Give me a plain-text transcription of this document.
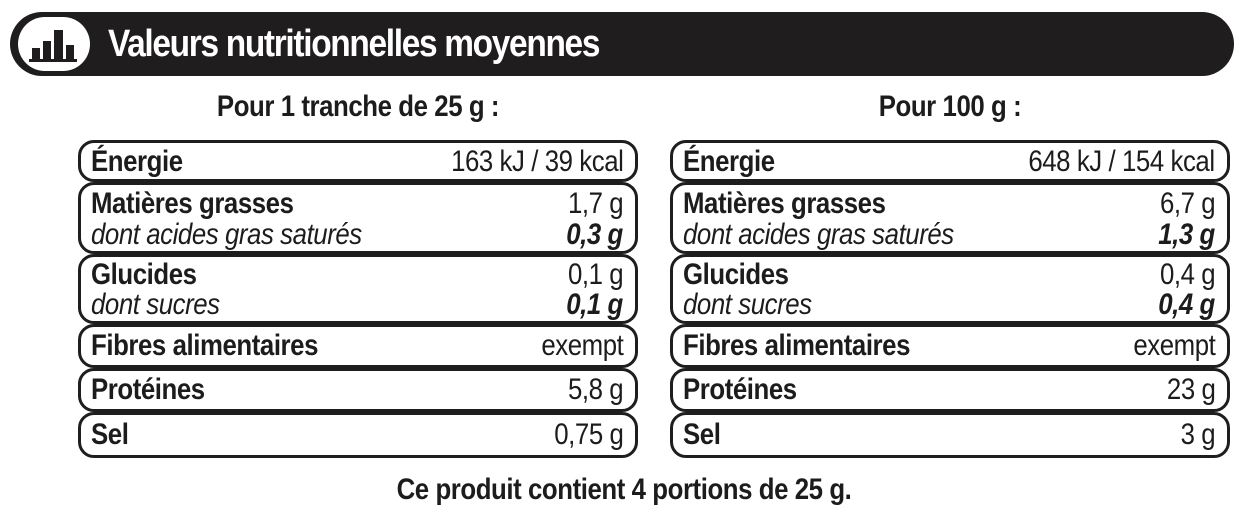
Valeurs nutritionnelles moyennes
Pour 1 tranche de 25 g :	Pour 100 g :
Énergie	163 kJ / 39 kcal
Matières grasses	1,7 g
dont acides gras saturés	0,3 g
Glucides	0,1 g
dont sucres	0,1 g
Fibres alimentaires	exempt
Protéines	5,8 g
Sel	0,75 g
Énergie	648 kJ / 154 kcal
Matières grasses	6,7 g
dont acides gras saturés	1,3 g
Glucides	0,4 g
dont sucres	0,4 g
Fibres alimentaires	exempt
Protéines	23 g
Sel	3 g
Ce produit contient 4 portions de 25 g.
